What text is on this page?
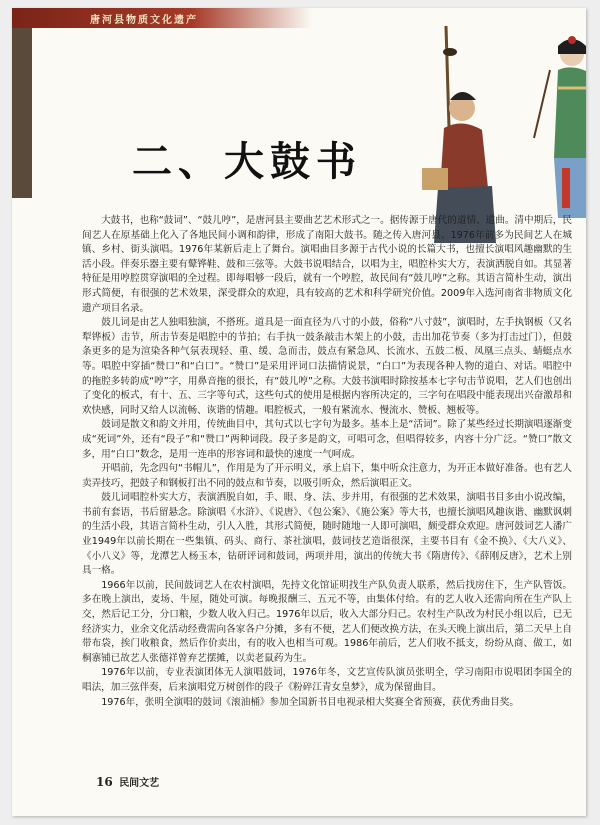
唐河县物质文化遗产
二、大鼓书

大鼓书，也称“鼓词”、“鼓儿哼”，是唐河县主要曲艺艺术形式之一。据传源于唐代的道情、道曲。清中期后，民间艺人在原基础上化入了各地民间小调和韵律，形成了南阳大鼓书。随之传入唐河县。1976年前多为民间艺人在城镇、乡村、街头演唱。1976年某新后走上了舞台。演唱曲目多源于古代小说的长篇大书，也擅长演唱风趣幽默的生活小段。伴奏乐器主要有鼙铧鞋、鼓和三弦等。大鼓书说唱结合，以唱为主，唱腔朴实大方，表演洒脱自如。其显著特征是用哼腔贯穿演唱的全过程。即每唱够一段后，就有一个哼腔，故民间有“鼓儿哼”之称。其语言简朴生动，演出形式简便，有很强的艺术效果，深受群众的欢迎，具有较高的艺术和科学研究价值。2009年入选河南省非物质文化遗产项目名录。

鼓儿词是由艺人独唱独演，不搭班。道具是一面直径为八寸的小鼓，俗称“八寸鼓”，演唱时，左手执钢板（又名犁铧板）击节，所击节奏是唱腔中的节拍；右手执一鼓条敲击木架上的小鼓，击出加花节奏（多为打击过门），但鼓条更多的是为渲染各种气氛表现轻、重、缓、急而击，鼓点有紧急风、长流水、五鼓二板、凤凰三点头、蜻蜓点水等。唱腔中穿插“赞口”和“白口”。“赞口”是采用评词口法描情说景，“白口”为表现各种人物的道白、对话。唱腔中的拖腔多转韵成“哼”字，用鼻音拖的很长，有“鼓儿哼”之称。大鼓书演唱时除按基本七字句击节说唱，艺人们也创出了变化的板式，有十、五、三字等句式，这些句式的使用是根据内容所决定的，三字句在唱段中能表现出兴奋激昂和欢快感，同时又给人以流畅、诙谐的情趣。唱腔板式，一般有紧流水、慢流水、赞板、翘板等。

鼓词是散文和韵文并用，传统曲目中，其句式以七字句为最多。基本上是“活词”。除了某些经过长期演唱逐渐变成“死词”外，还有“段子”和“赞口”两种词段。段子多是韵文，可唱可念，但唱得较多，内容十分广泛。“赞口”散文多，用“白口”数念，是用一连串的形容词和最快的速度一气呵成。

开唱前，先念四句“书帽儿”，作用是为了开示明义，承上启下，集中听众注意力，为开正本做好准备。也有艺人卖弄技巧，把鼓子和钢板打出不同的鼓点和节奏，以吸引听众，然后演唱正文。

鼓儿词唱腔朴实大方，表演洒脱自如，手、眼、身、法、步并用，有很强的艺术效果，演唱书目多由小说改编，书前有套语，书后留悬念。除演唱《水浒》、《说唐》、《包公案》、《施公案》等大书，也擅长演唱风趣诙谐、幽默讽刺的生活小段，其语言简朴生动，引人入胜，其形式简便，随时随地一人即可演唱，颇受群众欢迎。唐河鼓词艺人潘广业1949年以前长期在一些集镇、码头、商行、茶社演唱，鼓词技艺造诣很深，主要书目有《金不换》、《大八义》、《小八义》等，龙潭艺人杨玉本，钻研评词和鼓词，两项并用，演出的传统大书《隋唐传》、《薛刚反唐》，艺术上别具一格。

1966年以前，民间鼓词艺人在农村演唱，先持文化馆证明找生产队负责人联系，然后找房住下，生产队管饭。多在晚上演出，麦场、牛屋，随处可演。每晚报酬三、五元不等，由集体付给。有的艺人收入还需向所在生产队上交，然后记工分，分口粮，少数人收入归己。1976年以后，收入大部分归己。农村生产队改为村民小组以后，已无经济实力，业余文化活动经费需向各家各户分摊，多有不便，艺人们便改换方法，在头天晚上演出后，第二天早上自带布袋，挨门收粮食，然后作价卖出，有的收入也相当可观。1986年前后，艺人们收不抵支，纷纷从商、做工，如桐寨铺已故艺人张德祥曾弃艺摆摊，以卖老鼠药为生。

1976年以前，专业表演团体无人演唱鼓词，1976年冬，文艺宣传队演员张明全，学习南阳市说唱团李国全的唱法，加三弦伴奏，后来演唱党万树创作的段子《粉碎江青女皇梦》，成为保留曲目。

1976年，张明全演唱的鼓词《滚油桶》参加全国新书目电视录相大奖赛全省预赛，获优秀曲目奖。

16 民间文艺
